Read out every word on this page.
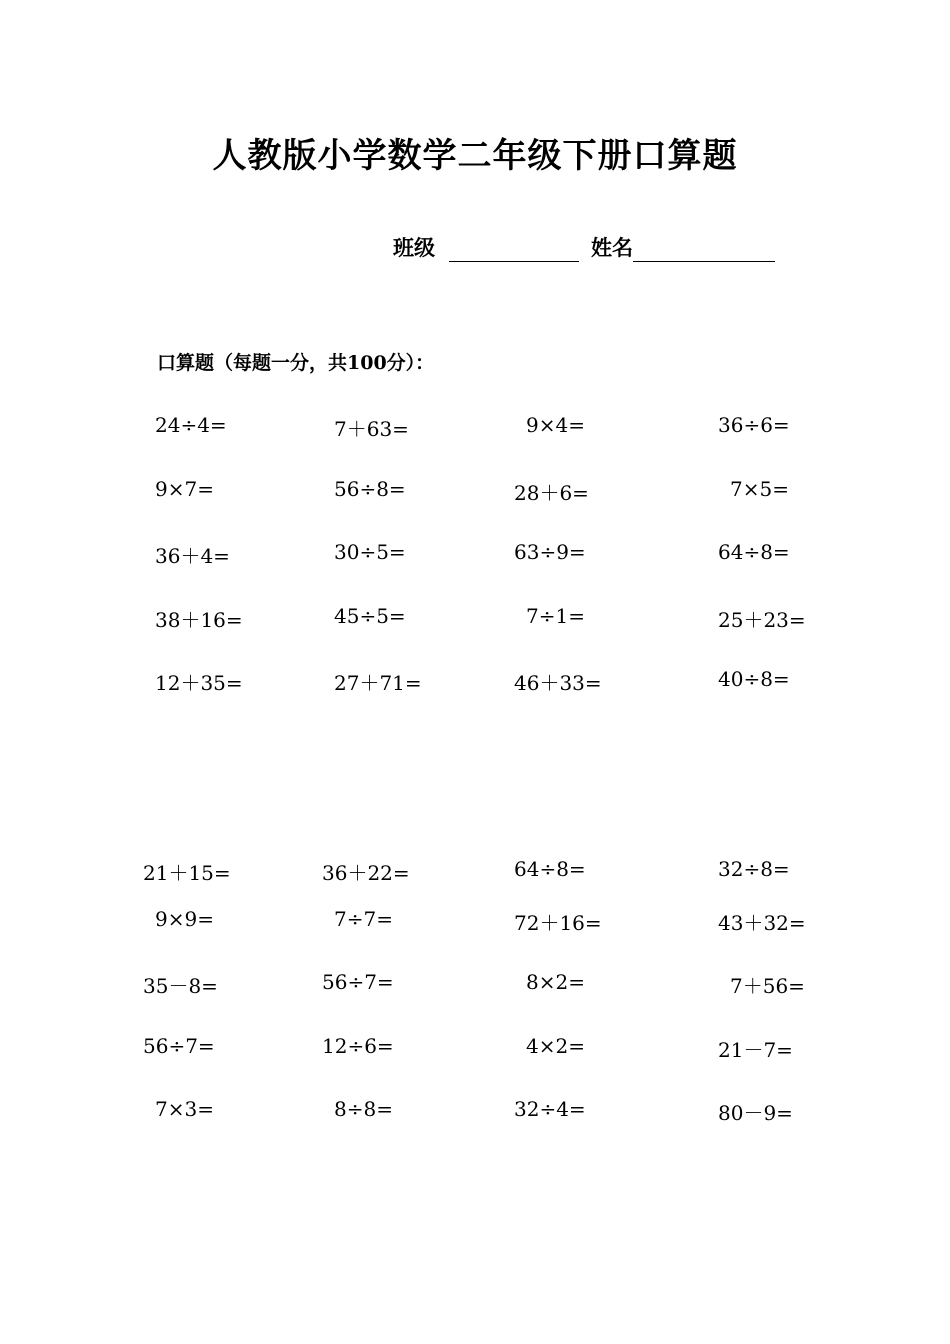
人教版小学数学二年级下册口算题
班级	姓名

口算题（每题一分，共100分）：

24÷4=	7＋63=	9×4=	36÷6=
9×7=	56÷8=	28＋6=	7×5=
36＋4=	30÷5=	63÷9=	64÷8=
38＋16=	45÷5=	7÷1=	25＋23=
12＋35=	27＋71=	46＋33=	40÷8=
21＋15=	36＋22=	64÷8=	32÷8=
9×9=	7÷7=	72＋16=	43＋32=
35－8=	56÷7=	8×2=	7＋56=
56÷7=	12÷6=	4×2=	21－7=
7×3=	8÷8=	32÷4=	80－9=
